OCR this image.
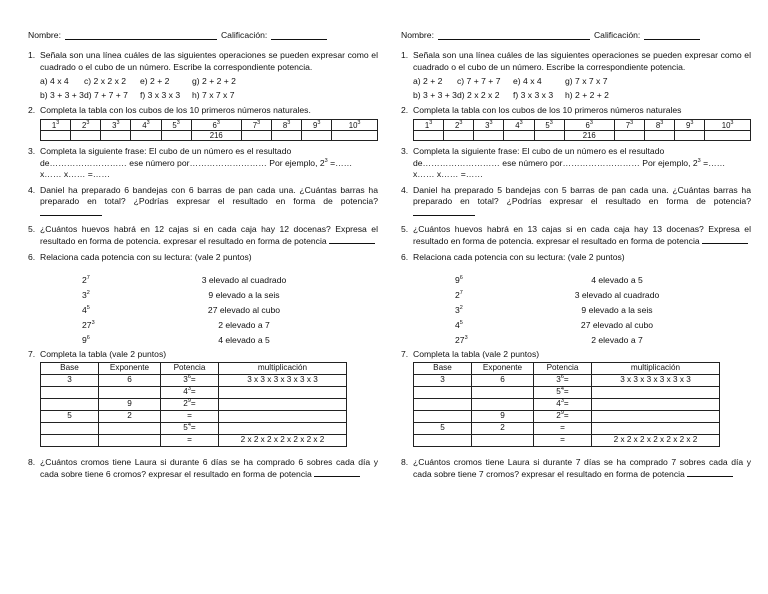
Nombre:	Calificación:
1. Señala son una línea cuáles de las siguientes operaciones se pueden expresar como el cuadrado o el cubo de un número. Escribe la correspondiente potencia.
a) 4 x 4	c) 2 x 2 x 2	e) 2 + 2	g) 2 + 2 + 2
b) 3 + 3 + 3 d) 7 + 7 + 7	f) 3 x 3 x 3	h) 7 x 7 x 7
2. Completa la tabla con los cubos de los 10 primeros números naturales.
$1^3$	$2^3$	$3^3$	$4^3$	$5^3$	$6^3$	$7^3$	$8^3$	$9^3$	$10^3$
					216				
3. Completa la siguiente frase: El cubo de un número es el resultado
de……………………… ese número por……………………… Por ejemplo, $2^3$ =……
x…… x…… =……
4. Daniel ha preparado 6 bandejas con 6 barras de pan cada una. ¿Cuántas barras ha preparado en total? ¿Podrías expresar el resultado en forma de potencia?
5. ¿Cuántos huevos habrá en 12 cajas si en cada caja hay 12 docenas? Expresa el resultado en forma de potencia. expresar el resultado en forma de potencia
6. Relaciona cada potencia con su lectura: (vale 2 puntos)
$2^7$	3 elevado al cuadrado
$3^2$	9 elevado a la seis
$4^5$	27 elevado al cubo
$27^3$	2 elevado a 7
$9^6$	4 elevado a 5
7. Completa la tabla (vale 2 puntos)
Base	Exponente	Potencia	multiplicación
3	6	$3^6=$	3 x 3 x 3 x 3 x 3 x 3
		$4^3=$	
	9	$2^9=$	
5	2	=	
		$5^4=$	
		=	2 x 2 x 2 x 2 x 2 x 2 x 2
8. ¿Cuántos cromos tiene Laura si durante 6 días se ha comprado 6 sobres cada día y cada sobre tiene 6 cromos? expresar el resultado en forma de potencia
Nombre:	Calificación:
1. Señala son una línea cuáles de las siguientes operaciones se pueden expresar como el cuadrado o el cubo de un número. Escribe la correspondiente potencia.
a) 2 + 2	c) 7 + 7 + 7	e) 4 x 4	g) 7 x 7 x 7
b) 3 + 3 + 3 d) 2 x 2 x 2	f) 3 x 3 x 3	h) 2 + 2 + 2
2. Completa la tabla con los cubos de los 10 primeros números naturales
$1^3$	$2^3$	$3^3$	$4^3$	$5^3$	$6^3$	$7^3$	$8^3$	$9^3$	$10^3$
					216				
3. Completa la siguiente frase: El cubo de un número es el resultado
de……………………… ese número por……………………… Por ejemplo, $2^3$ =……
x…… x…… =……
4. Daniel ha preparado 5 bandejas con 5 barras de pan cada una. ¿Cuántas barras ha preparado en total? ¿Podrías expresar el resultado en forma de potencia?
5. ¿Cuántos huevos habrá en 13 cajas si en cada caja hay 13 docenas? Expresa el resultado en forma de potencia. expresar el resultado en forma de potencia
6. Relaciona cada potencia con su lectura: (vale 2 puntos)
$9^6$	4 elevado a 5
$2^7$	3 elevado al cuadrado
$3^2$	9 elevado a la seis
$4^5$	27 elevado al cubo
$27^3$	2 elevado a 7
7. Completa la tabla (vale 2 puntos)
Base	Exponente	Potencia	multiplicación
3	6	$3^6=$	3 x 3 x 3 x 3 x 3 x 3
		$5^4=$	
		$4^3=$	
	9	$2^9=$	
5	2	=	
		=	2 x 2 x 2 x 2 x 2 x 2 x 2
8. ¿Cuántos cromos tiene Laura si durante 7 días se ha comprado 7 sobres cada día y cada sobre tiene 7 cromos? expresar el resultado en forma de potencia
